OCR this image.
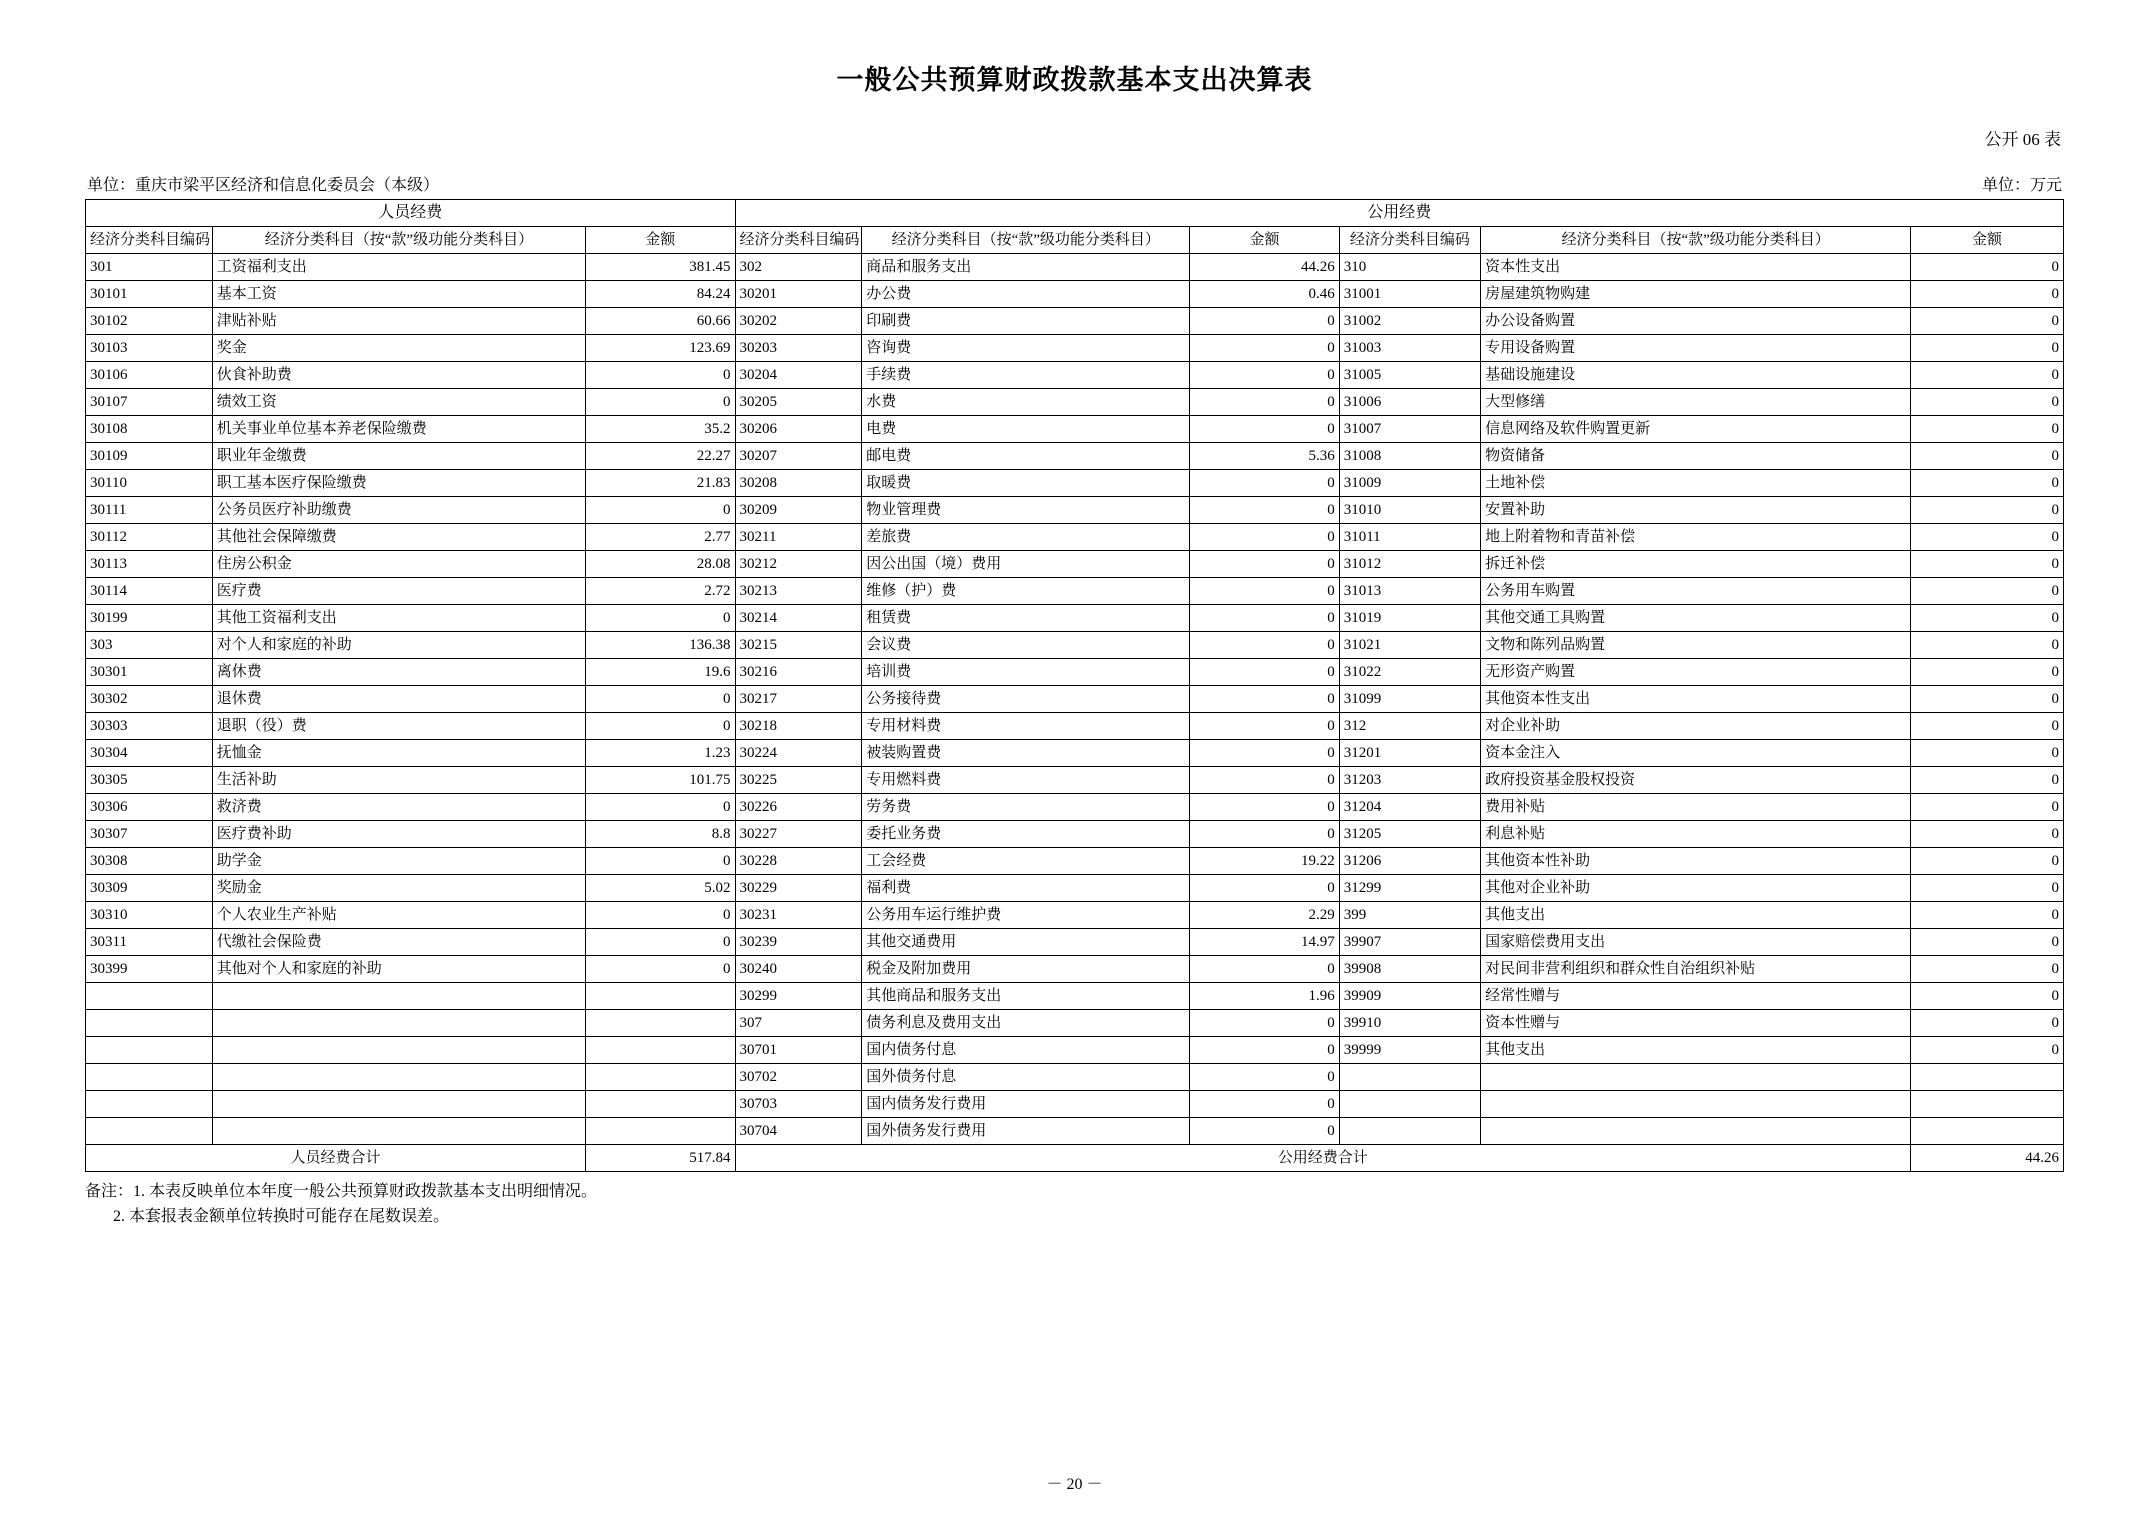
一般公共预算财政拨款基本支出决算表
公开 06 表
单位：重庆市梁平区经济和信息化委员会（本级）	单位：万元
人员经费			公用经费					
经济分类科目编码	经济分类科目（按“款”级功能分类科目）	金额	经济分类科目编码	经济分类科目（按“款”级功能分类科目）	金额	经济分类科目编码	经济分类科目（按“款”级功能分类科目）	金额
301	工资福利支出	381.45	302	商品和服务支出	44.26	310	资本性支出	0
30101	基本工资	84.24	30201	办公费	0.46	31001	房屋建筑物购建	0
30102	津贴补贴	60.66	30202	印刷费	0	31002	办公设备购置	0
30103	奖金	123.69	30203	咨询费	0	31003	专用设备购置	0
30106	伙食补助费	0	30204	手续费	0	31005	基础设施建设	0
30107	绩效工资	0	30205	水费	0	31006	大型修缮	0
30108	机关事业单位基本养老保险缴费	35.2	30206	电费	0	31007	信息网络及软件购置更新	0
30109	职业年金缴费	22.27	30207	邮电费	5.36	31008	物资储备	0
30110	职工基本医疗保险缴费	21.83	30208	取暖费	0	31009	土地补偿	0
30111	公务员医疗补助缴费	0	30209	物业管理费	0	31010	安置补助	0
30112	其他社会保障缴费	2.77	30211	差旅费	0	31011	地上附着物和青苗补偿	0
30113	住房公积金	28.08	30212	因公出国（境）费用	0	31012	拆迁补偿	0
30114	医疗费	2.72	30213	维修（护）费	0	31013	公务用车购置	0
30199	其他工资福利支出	0	30214	租赁费	0	31019	其他交通工具购置	0
303	对个人和家庭的补助	136.38	30215	会议费	0	31021	文物和陈列品购置	0
30301	离休费	19.6	30216	培训费	0	31022	无形资产购置	0
30302	退休费	0	30217	公务接待费	0	31099	其他资本性支出	0
30303	退职（役）费	0	30218	专用材料费	0	312	对企业补助	0
30304	抚恤金	1.23	30224	被装购置费	0	31201	资本金注入	0
30305	生活补助	101.75	30225	专用燃料费	0	31203	政府投资基金股权投资	0
30306	救济费	0	30226	劳务费	0	31204	费用补贴	0
30307	医疗费补助	8.8	30227	委托业务费	0	31205	利息补贴	0
30308	助学金	0	30228	工会经费	19.22	31206	其他资本性补助	0
30309	奖励金	5.02	30229	福利费	0	31299	其他对企业补助	0
30310	个人农业生产补贴	0	30231	公务用车运行维护费	2.29	399	其他支出	0
30311	代缴社会保险费	0	30239	其他交通费用	14.97	39907	国家赔偿费用支出	0
30399	其他对个人和家庭的补助	0	30240	税金及附加费用	0	39908	对民间非营利组织和群众性自治组织补贴	0
			30299	其他商品和服务支出	1.96	39909	经常性赠与	0
			307	债务利息及费用支出	0	39910	资本性赠与	0
			30701	国内债务付息	0	39999	其他支出	0
			30702	国外债务付息	0			
			30703	国内债务发行费用	0			
			30704	国外债务发行费用	0			
人员经费合计		517.84	公用经费合计					44.26
备注：1. 本表反映单位本年度一般公共预算财政拨款基本支出明细情况。
2. 本套报表金额单位转换时可能存在尾数误差。
－ 20 －
